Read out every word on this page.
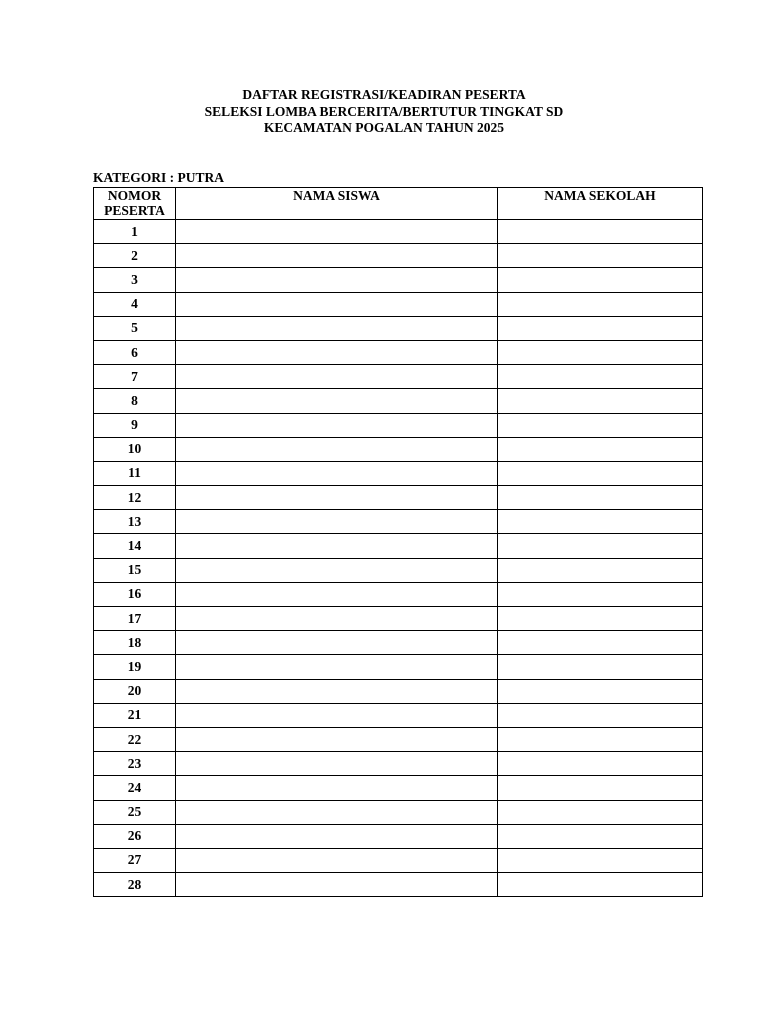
DAFTAR REGISTRASI/KEADIRAN PESERTA
SELEKSI LOMBA BERCERITA/BERTUTUR TINGKAT SD
KECAMATAN POGALAN TAHUN 2025
KATEGORI : PUTRA
NOMOR
PESERTA	NAMA SISWA	NAMA SEKOLAH
1		
2		
3		
4		
5		
6		
7		
8		
9		
10		
11		
12		
13		
14		
15		
16		
17		
18		
19		
20		
21		
22		
23		
24		
25		
26		
27		
28		
